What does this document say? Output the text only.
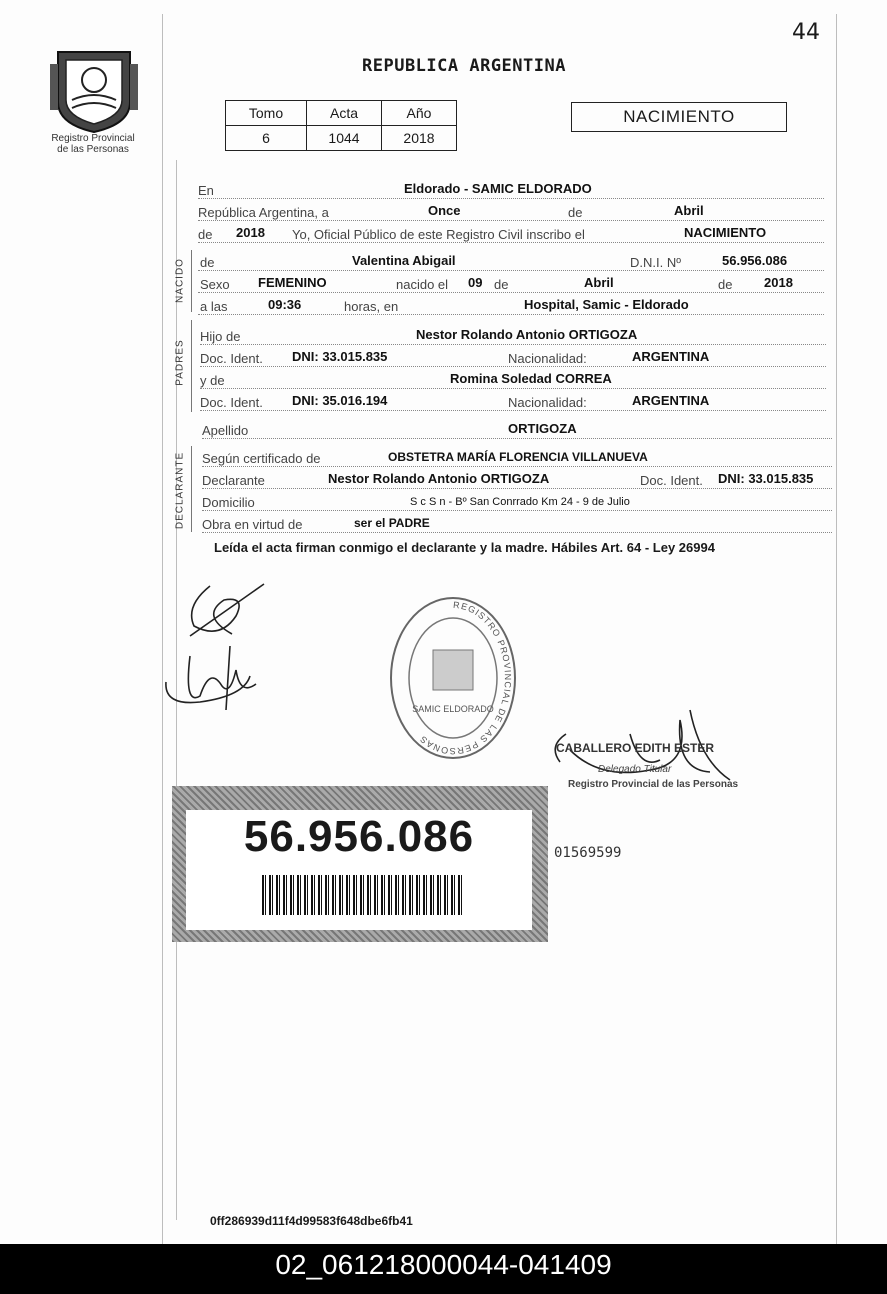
44
Registro Provincial
de las Personas
REPUBLICA ARGENTINA
Tomo	Acta	Año
6	1044	2018
NACIMIENTO
NACIDO
PADRES
DECLARANTE
En	Eldorado - SAMIC ELDORADO
República Argentina, a	Once	de	Abril
de 2018 Yo, Oficial Público de este Registro Civil inscribo el	NACIMIENTO
de	Valentina Abigail	D.N.I. Nº	56.956.086
Sexo FEMENINO	nacido el 09 de	Abril	de 2018
a las	09:36	horas, en	Hospital, Samic - Eldorado
Hijo de	Nestor Rolando Antonio ORTIGOZA
Doc. Ident. DNI: 33.015.835	Nacionalidad:	ARGENTINA
y de	Romina Soledad CORREA
Doc. Ident. DNI: 35.016.194	Nacionalidad:	ARGENTINA
Apellido	ORTIGOZA
Según certificado de	OBSTETRA MARÍA FLORENCIA VILLANUEVA
Declarante	Nestor Rolando Antonio ORTIGOZA	Doc. Ident. DNI: 33.015.835
Domicilio	S c S n - Bº San Conrrado Km 24 - 9 de Julio
Obra en virtud de	ser el PADRE
Leída el acta firman conmigo el declarante y la madre. Hábiles Art. 64 - Ley 26994
REGISTRO PROVINCIAL DE LAS PERSONAS
SAMIC ELDORADO
CABALLERO EDITH ESTER
Delegado Titular
Registro Provincial de las Personas
56.956.086	01569599
0ff286939d11f4d99583f648dbe6fb41
02_061218000044-041409
